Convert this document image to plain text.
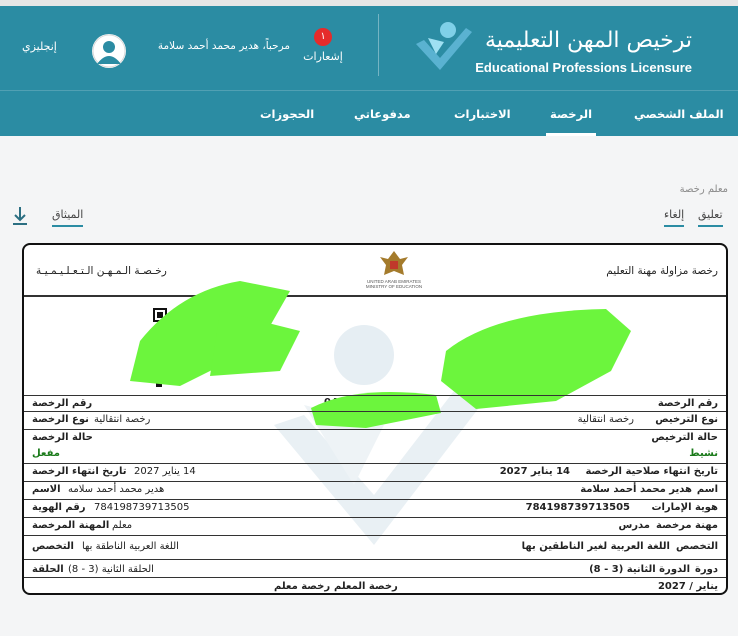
ترخيص المهن التعليمية
Educational Professions Licensure
١
إشعارات
مرحباً، هدير محمد أحمد سلامة
إنجليزي
الملف الشخصي
الرخصة
الاختبارات
مدفوعاتي
الحجوزات
معلم رخصة
تعليق
إلغاء
الميثاق
رخصة مزاولة مهنة التعليم
UNITED ARAB EMIRATES
MINISTRY OF EDUCATION
رخـصـة الـمـهـن الـتـعـلـيـمـيـة
رقم الرخصة
رقم الرخصة
نوع الترخيص
رخصة انتقالية
رخصة انتقالية
نوع الرخصة
حالة الترخيص
حالة الرخصة
نشيط
مفعل
تاريخ انتهاء صلاحية الرخصة
14 يناير 2027
14 يناير 2027
تاريخ انتهاء الرخصة
اسم
هدير محمد أحمد سلامة
هدير محمد أحمد سلامه
الاسم
هوية الإمارات
784198739713505
784198739713505
رقم الهوية
مهنة مرخصة
مدرس
معلم
المهنة المرخصة
التخصص
اللغة العربية لغير الناطقين بها
اللغة العربية الناطقة بها
التخصص
دورة
الدورة الثانية (3 - 8)
الحلقة الثانية (3 - 8)
الحلقة
يناير / 2027
رخصة المعلم
رخصة معلم
